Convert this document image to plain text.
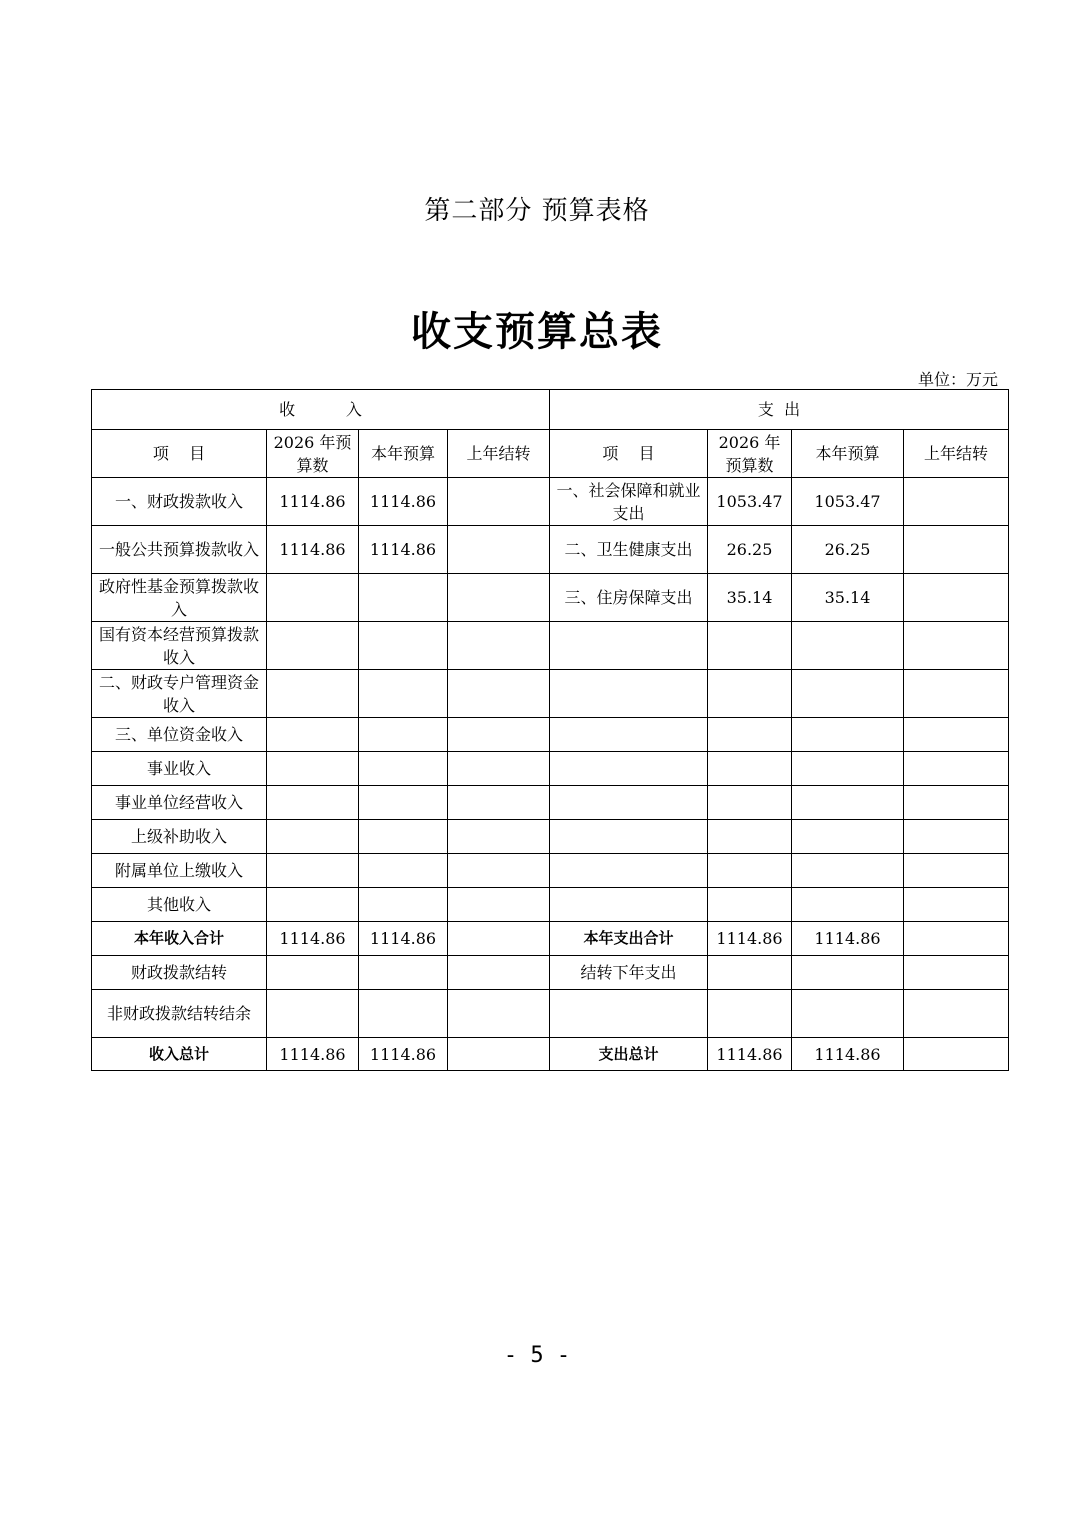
第二部分 预算表格
收支预算总表
单位：万元
收          入				支  出			
项    目	2026 年预算数	本年预算	上年结转	项    目	2026 年预算数	本年预算	上年结转
一、财政拨款收入	1114.86	1114.86		一、社会保障和就业支出	1053.47	1053.47	
一般公共预算拨款收入	1114.86	1114.86		二、卫生健康支出	26.25	26.25	
政府性基金预算拨款收入				三、住房保障支出	35.14	35.14	
国有资本经营预算拨款收入							
二、财政专户管理资金收入							
三、单位资金收入							
事业收入							
事业单位经营收入							
上级补助收入							
附属单位上缴收入							
其他收入							
本年收入合计	1114.86	1114.86		本年支出合计	1114.86	1114.86	
财政拨款结转				结转下年支出			
非财政拨款结转结余							
收入总计	1114.86	1114.86		支出总计	1114.86	1114.86	
- 5 -
